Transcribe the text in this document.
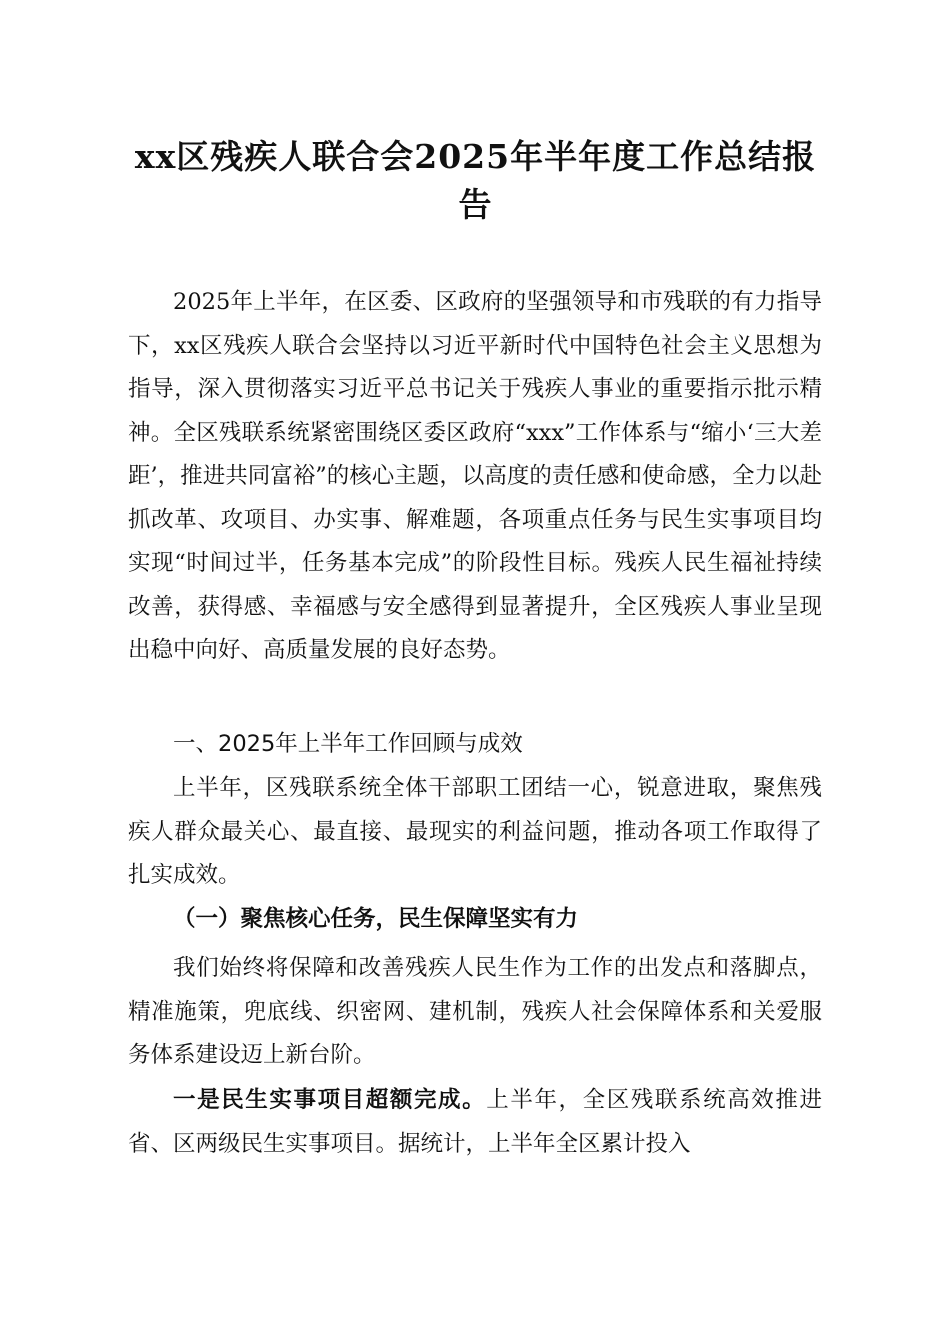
xx区残疾人联合会2025年半年度工作总结报告

2025年上半年，在区委、区政府的坚强领导和市残联的有力指导下，xx区残疾人联合会坚持以习近平新时代中国特色社会主义思想为指导，深入贯彻落实习近平总书记关于残疾人事业的重要指示批示精神。全区残联系统紧密围绕区委区政府“xxx”工作体系与“缩小‘三大差距’，推进共同富裕”的核心主题，以高度的责任感和使命感，全力以赴抓改革、攻项目、办实事、解难题，各项重点任务与民生实事项目均实现“时间过半，任务基本完成”的阶段性目标。残疾人民生福祉持续改善，获得感、幸福感与安全感得到显著提升，全区残疾人事业呈现出稳中向好、高质量发展的良好态势。

一、2025年上半年工作回顾与成效

上半年，区残联系统全体干部职工团结一心，锐意进取，聚焦残疾人群众最关心、最直接、最现实的利益问题，推动各项工作取得了扎实成效。

（一）聚焦核心任务，民生保障坚实有力

我们始终将保障和改善残疾人民生作为工作的出发点和落脚点，精准施策，兜底线、织密网、建机制，残疾人社会保障体系和关爱服务体系建设迈上新台阶。

一是民生实事项目超额完成。上半年，全区残联系统高效推进省、区两级民生实事项目。据统计，上半年全区累计投入
